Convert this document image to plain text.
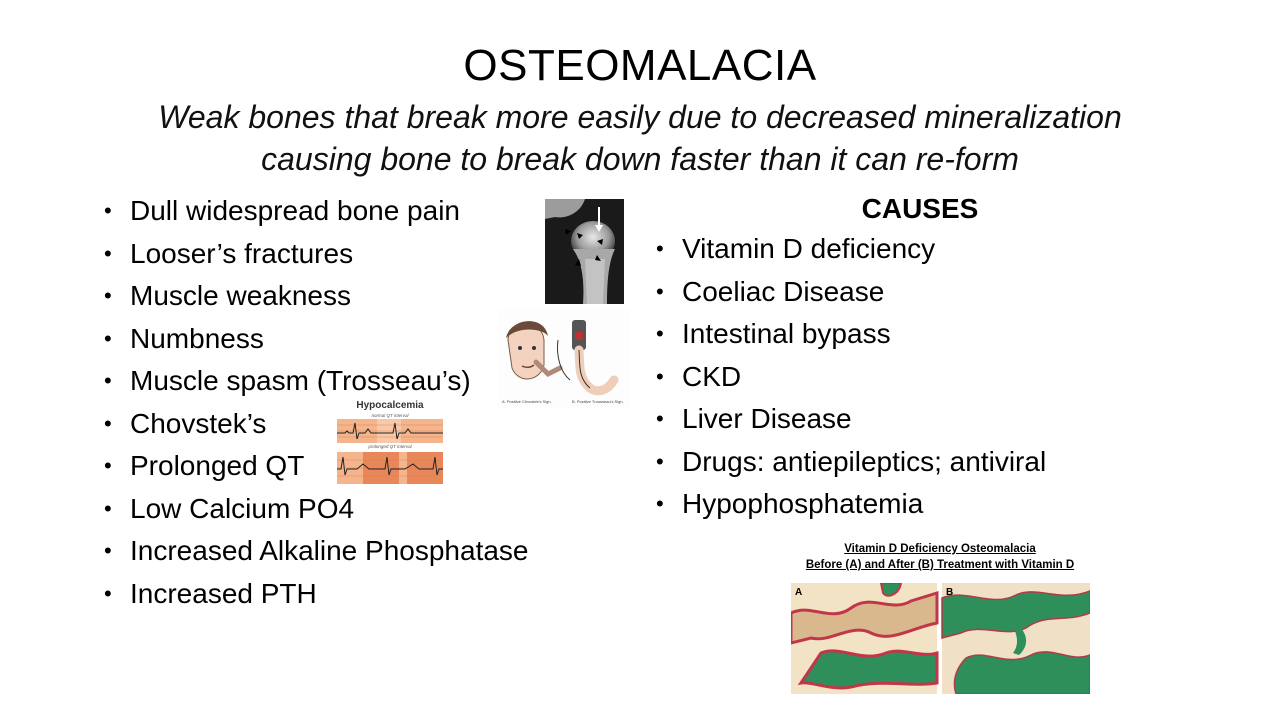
OSTEOMALACIA
Weak bones that break more easily due to decreased mineralization
causing bone to break down faster than it can re-form
• Dull widespread bone pain
• Looser’s fractures
• Muscle weakness
• Numbness
• Muscle spasm (Trosseau’s)
• Chovstek’s
• Prolonged QT
• Low Calcium PO4
• Increased Alkaline Phosphatase
• Increased PTH
CAUSES
• Vitamin D deficiency
• Coeliac Disease
• Intestinal bypass
• CKD
• Liver Disease
• Drugs: antiepileptics; antiviral
• Hypophosphatemia
A. Positive Chvostek's Sign	B. Positive Trousseau's Sign
Hypocalcemia
normal QT interval
prolonged QT interval
Vitamin D Deficiency Osteomalacia
Before (A) and After (B) Treatment with Vitamin D
A	B
